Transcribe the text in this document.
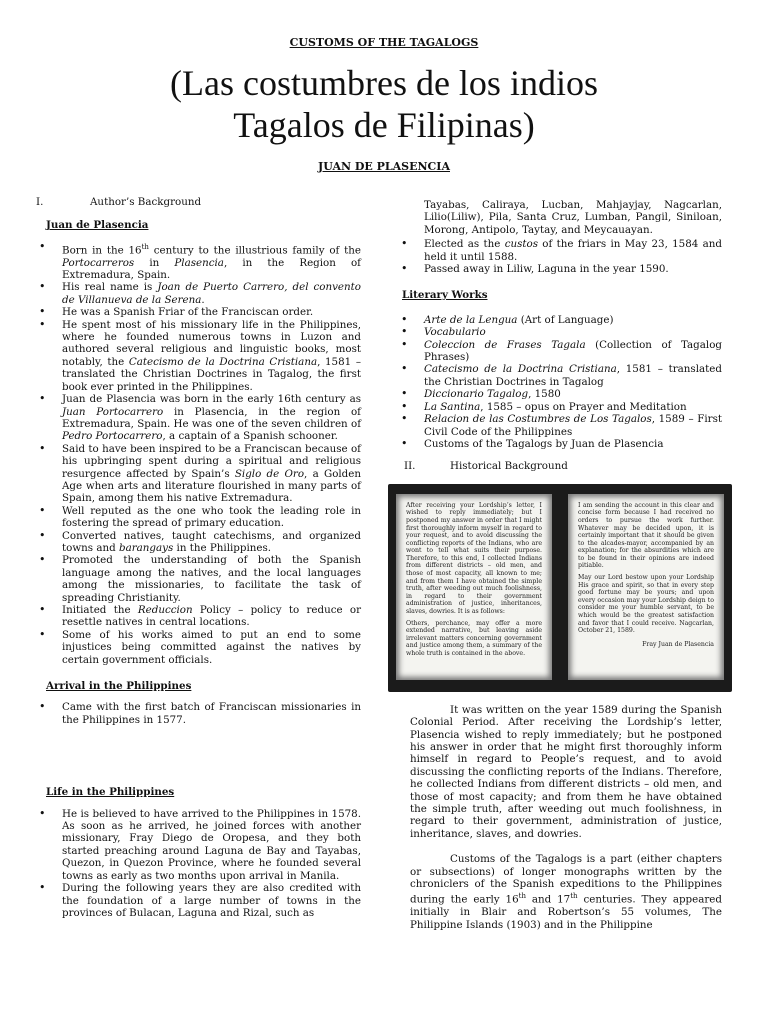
CUSTOMS OF THE TAGALOGS
(Las costumbres de los indios
Tagalos de Filipinas)
JUAN DE PLASENCIA
I.	Author’s Background
Juan de Plasencia
• Born in the 16th century to the illustrious family of the Portocarreros in Plasencia, in the Region of Extremadura, Spain.
• His real name is Joan de Puerto Carrero, del convento de Villanueva de la Serena.
• He was a Spanish Friar of the Franciscan order.
• He spent most of his missionary life in the Philippines, where he founded numerous towns in Luzon and authored several religious and linguistic books, most notably, the Catecismo de la Doctrina Cristiana, 1581 – translated the Christian Doctrines in Tagalog, the first book ever printed in the Philippines.
• Juan de Plasencia was born in the early 16th century as Juan Portocarrero in Plasencia, in the region of Extremadura, Spain. He was one of the seven children of Pedro Portocarrero, a captain of a Spanish schooner.
• Said to have been inspired to be a Franciscan because of his upbringing spent during a spiritual and religious resurgence affected by Spain’s Siglo de Oro, a Golden Age when arts and literature flourished in many parts of Spain, among them his native Extremadura.
• Well reputed as the one who took the leading role in fostering the spread of primary education.
• Converted natives, taught catechisms, and organized towns and barangays in the Philippines.
• Promoted the understanding of both the Spanish language among the natives, and the local languages among the missionaries, to facilitate the task of spreading Christianity.
• Initiated the Reduccion Policy – policy to reduce or resettle natives in central locations.
• Some of his works aimed to put an end to some injustices being committed against the natives by certain government officials.
Arrival in the Philippines
• Came with the first batch of Franciscan missionaries in the Philippines in 1577.
Life in the Philippines
• He is believed to have arrived to the Philippines in 1578. As soon as he arrived, he joined forces with another missionary, Fray Diego de Oropesa, and they both started preaching around Laguna de Bay and Tayabas, Quezon, in Quezon Province, where he founded several towns as early as two months upon arrival in Manila.
• During the following years they are also credited with the foundation of a large number of towns in the provinces of Bulacan, Laguna and Rizal, such as
Tayabas, Caliraya, Lucban, Mahjayjay, Nagcarlan, Lilio(Liliw), Pila, Santa Cruz, Lumban, Pangil, Siniloan, Morong, Antipolo, Taytay, and Meycauayan.
• Elected as the custos of the friars in May 23, 1584 and held it until 1588.
• Passed away in Liliw, Laguna in the year 1590.
Literary Works
• Arte de la Lengua (Art of Language)
• Vocabulario
• Coleccion de Frases Tagala (Collection of Tagalog Phrases)
• Catecismo de la Doctrina Cristiana, 1581 – translated the Christian Doctrines in Tagalog
• Diccionario Tagalog, 1580
• La Santina, 1585 – opus on Prayer and Meditation
• Relacion de las Costumbres de Los Tagalos, 1589 – First Civil Code of the Philippines
• Customs of the Tagalogs by Juan de Plasencia
II.	Historical Background
After receiving your Lordship’s letter, I wished to reply immediately; but I postponed my answer in order that I might first thoroughly inform myself in regard to your request, and to avoid discussing the conflicting reports of the Indians, who are wont to tell what suits their purpose. Therefore, to this end, I collected Indians from different districts – old men, and those of most capacity, all known to me; and from them I have obtained the simple truth, after weeding out much foolishness, in regard to their government administration of justice, inheritances, slaves, dowries. It is as follows:
Others, perchance, may offer a more extended narrative, but leaving aside irrelevant matters concerning government and justice among them, a summary of the whole truth is contained in the above.
I am sending the account in this clear and concise form because I had received no orders to pursue the work further. Whatever may be decided upon, it is certainly important that it should be given to the alcades-mayor, accompanied by an explanation; for the absurdities which are to be found in their opinions are indeed pitiable.
May our Lord bestow upon your Lordship His grace and spirit, so that in every step good fortune may be yours; and upon every occasion may your Lordship deign to consider me your humble servant, to be which would be the greatest satisfaction and favor that I could receive. Nagcarlan, October 21, 1589.
Fray Juan de Plasencia
It was written on the year 1589 during the Spanish Colonial Period. After receiving the Lordship’s letter, Plasencia wished to reply immediately; but he postponed his answer in order that he might first thoroughly inform himself in regard to People’s request, and to avoid discussing the conflicting reports of the Indians. Therefore, he collected Indians from different districts – old men, and those of most capacity; and from them he have obtained the simple truth, after weeding out much foolishness, in regard to their government, administration of justice, inheritance, slaves, and dowries.
Customs of the Tagalogs is a part (either chapters or subsections) of longer monographs written by the chroniclers of the Spanish expeditions to the Philippines during the early 16th and 17th centuries. They appeared initially in Blair and Robertson’s 55 volumes, The Philippine Islands (1903) and in the Philippine
